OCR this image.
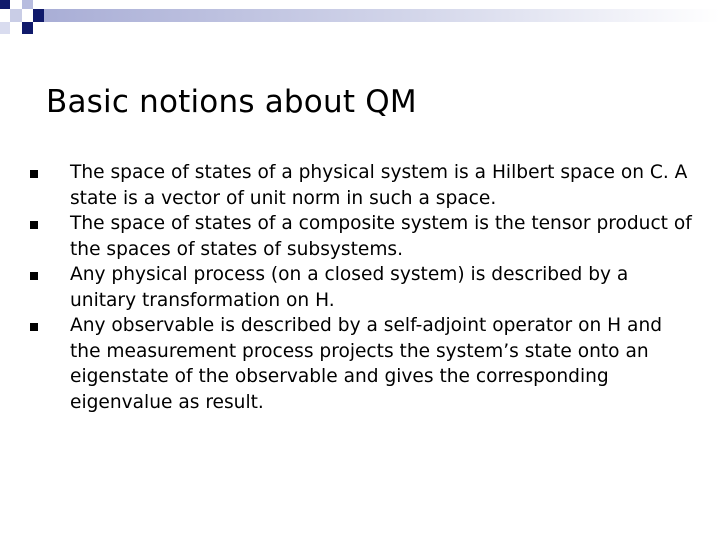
Basic notions about QM
The space of states of a physical system is a Hilbert space on C. A state is a vector of unit norm in such a space.
The space of states of a composite system is the tensor product of the spaces of states of subsystems.
Any physical process (on a closed system) is described by a unitary transformation on H.
Any observable is described by a self-adjoint operator on H and the measurement process projects the system’s state onto an eigenstate of the observable and gives the corresponding eigenvalue as result.
